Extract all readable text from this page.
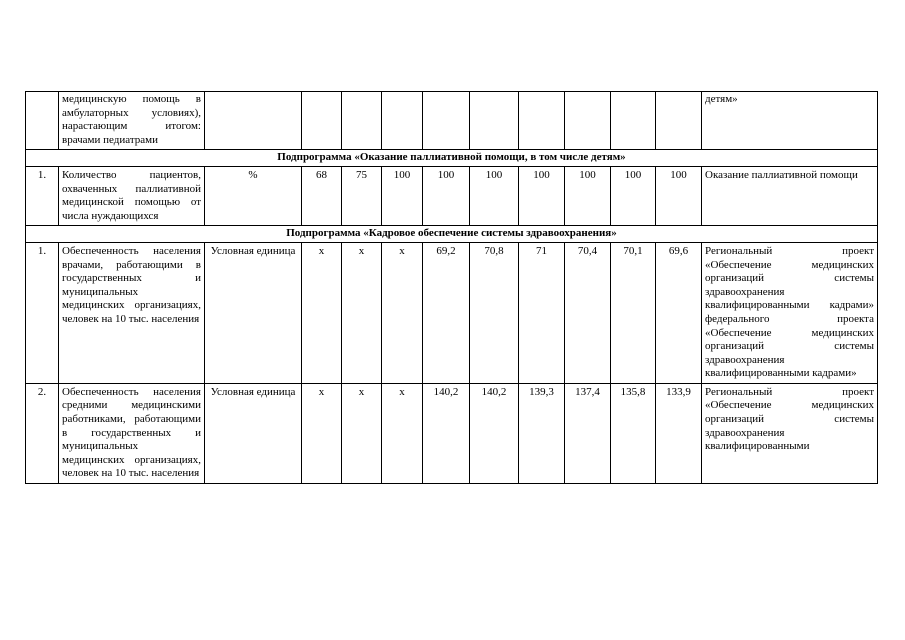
	медицинскую помощь в амбулаторных условиях), нарастающим итогом: врачами педиатрами											детям»
Подпрограмма «Оказание паллиативной помощи, в том числе детям»												
1.	Количество пациентов, охваченных паллиативной медицинской помощью от числа нуждающихся	%	68	75	100	100	100	100	100	100	100	Оказание паллиативной помощи
Подпрограмма «Кадровое обеспечение системы здравоохранения»												
1.	Обеспеченность населения врачами, работающими в государственных и муниципальных медицинских организациях, человек на 10 тыс. населения	Условная единица	х	х	х	69,2	70,8	71	70,4	70,1	69,6	Региональный проект «Обеспечение медицинских организаций системы здравоохранения квалифицированными кадрами» федерального проекта «Обеспечение медицинских организаций системы здравоохранения квалифицированными кадрами»
2.	Обеспеченность населения средними медицинскими работниками, работающими в государственных и муниципальных медицинских организациях, человек на 10 тыс. населения	Условная единица	х	х	х	140,2	140,2	139,3	137,4	135,8	133,9	Региональный проект «Обеспечение медицинских организаций системы здравоохранения квалифицированными
